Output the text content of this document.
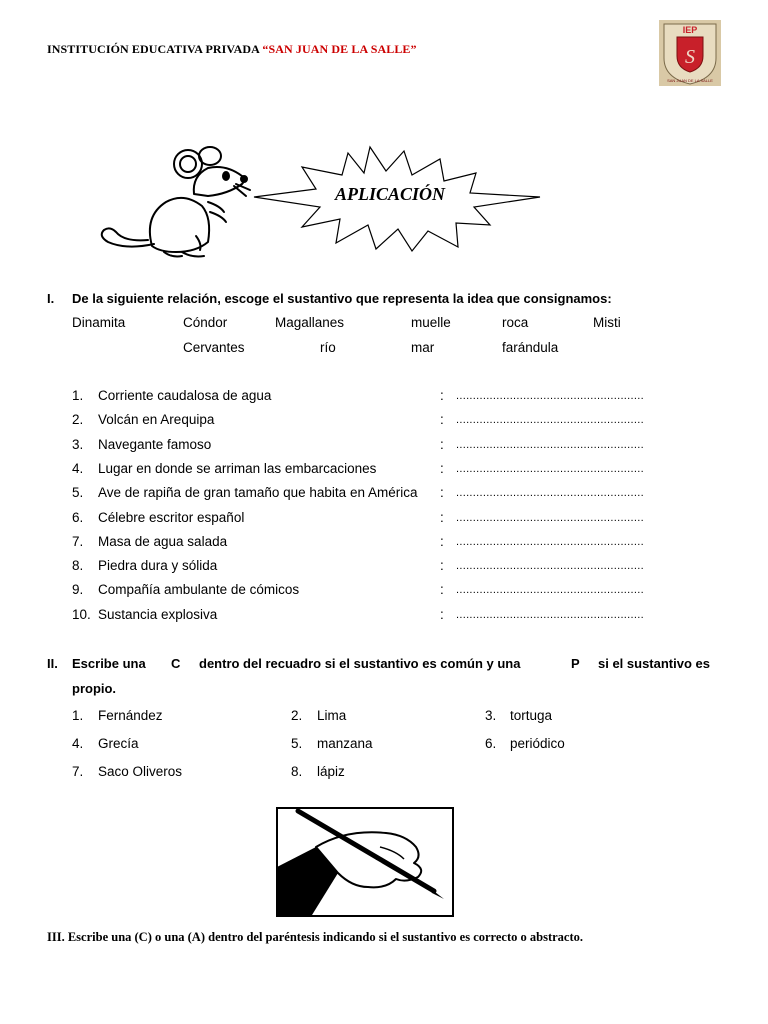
INSTITUCIÓN EDUCATIVA PRIVADA “SAN JUAN DE LA SALLE”
IEP
S
SAN JUAN DE LA SALLE
APLICACIÓN
I. De la siguiente relación, escoge el sustantivo que representa la idea que consignamos:
Dinamita	Cóndor	Magallanes	muelle	roca	Misti
Cervantes	río	mar	farándula
1.	Corriente caudalosa de agua	: ........................................................
2.	Volcán en Arequipa	: ........................................................
3.	Navegante famoso	: ........................................................
4.	Lugar en donde se arriman las embarcaciones	: ........................................................
5.	Ave de rapiña de gran tamaño que habita en América : ........................................................
6.	Célebre escritor español	: ........................................................
7.	Masa de agua salada	: ........................................................
8.	Piedra dura y sólida	: ........................................................
9.	Compañía ambulante de cómicos	: ........................................................
10. Sustancia explosiva	: ........................................................
II. Escribe una C dentro del recuadro si el sustantivo es común y una	P si el sustantivo es
propio.
1. Fernández	2. Lima	3. tortuga
4. Grecía	5. manzana	6. periódico
7. Saco Oliveros	8. lápiz
III. Escribe una (C) o una (A) dentro del paréntesis indicando si el sustantivo es correcto o abstracto.
